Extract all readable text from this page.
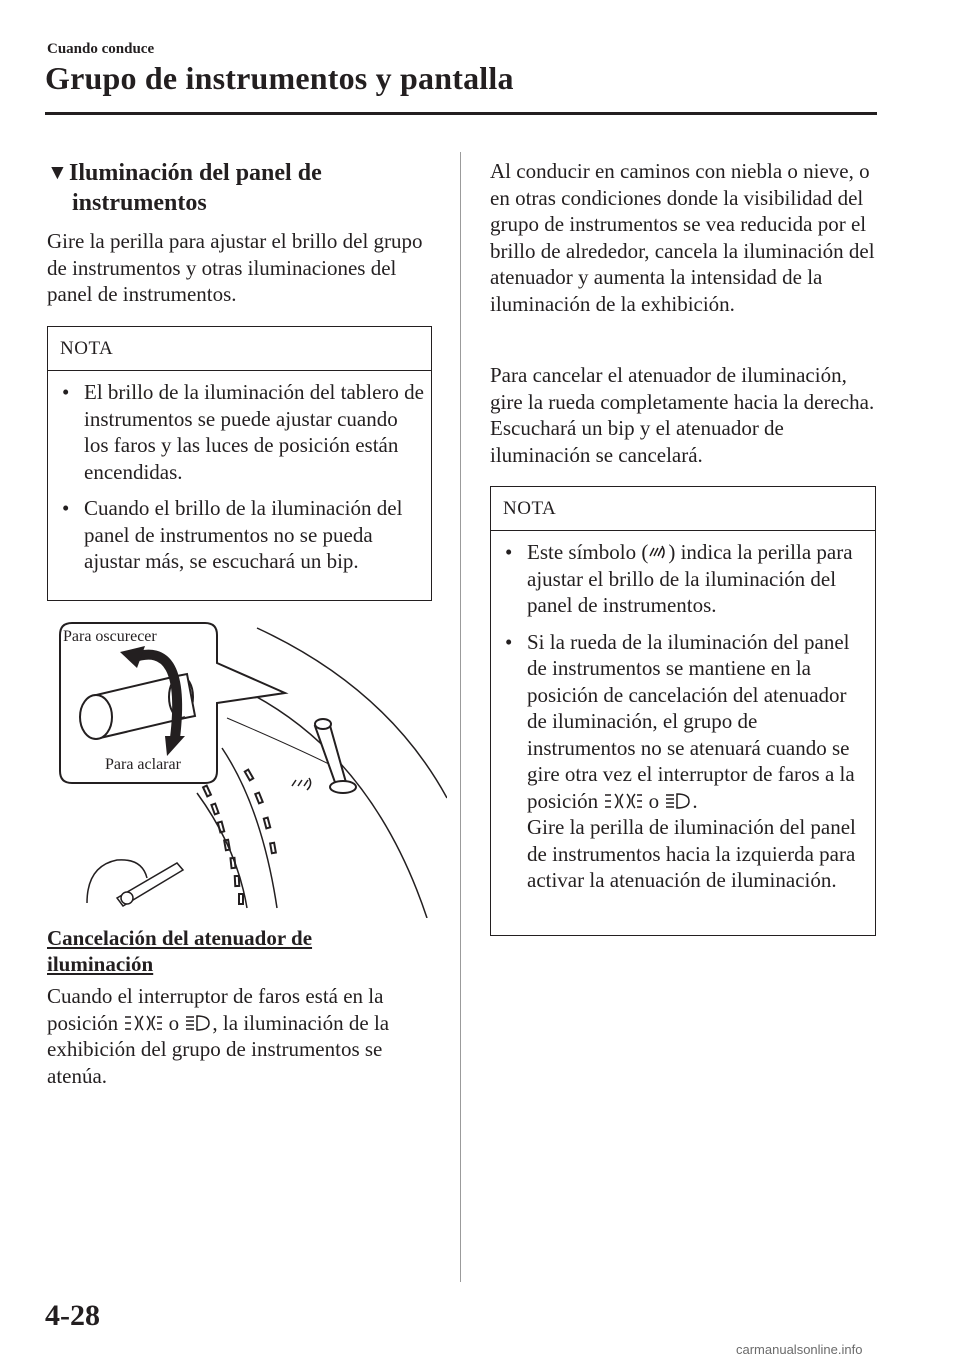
Cuando conduce
Grupo de instrumentos y pantalla
▼Iluminación del panel de
instrumentos
Gire la perilla para ajustar el brillo del grupo de instrumentos y otras iluminaciones del panel de instrumentos.
NOTA
• El brillo de la iluminación del tablero de instrumentos se puede ajustar cuando los faros y las luces de posición están encendidas.
• Cuando el brillo de la iluminación del panel de instrumentos no se pueda ajustar más, se escuchará un bip.
Para oscurecer
Para aclarar
Cancelación del atenuador de
iluminación
Cuando el interruptor de faros está en la
posición o , la iluminación de la
exhibición del grupo de instrumentos se
atenúa.
Al conducir en caminos con niebla o nieve, o en otras condiciones donde la visibilidad del grupo de instrumentos se vea reducida por el brillo de alrededor, cancela la iluminación del atenuador y aumenta la intensidad de la iluminación de la exhibición.
Para cancelar el atenuador de iluminación, gire la rueda completamente hacia la derecha. Escuchará un bip y el atenuador de iluminación se cancelará.
NOTA
• Este símbolo ( ) indica la perilla para ajustar el brillo de la iluminación del panel de instrumentos.
• Si la rueda de la iluminación del panel de instrumentos se mantiene en la posición de cancelación del atenuador de iluminación, el grupo de instrumentos no se atenuará cuando se gire otra vez el interruptor de faros a la posición o .
Gire la perilla de iluminación del panel de instrumentos hacia la izquierda para activar la atenuación de iluminación.
4-28
carmanualsonline.info
